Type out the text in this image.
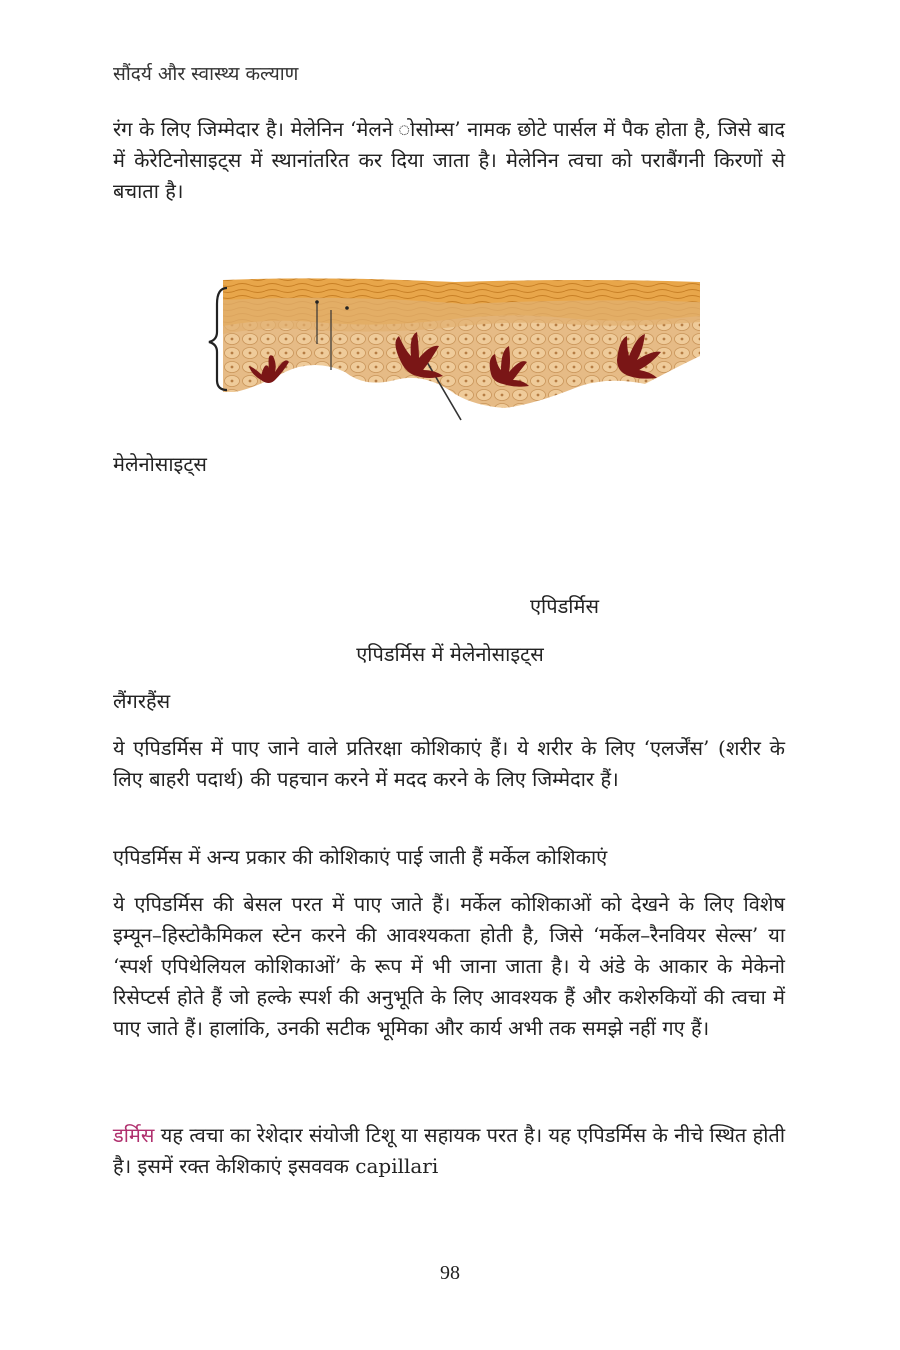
सौंदर्य और स्वास्थ्य कल्याण

रंग के लिए जिम्मेदार है। मेलेनिन ‘मेलने ोसोम्स’ नामक छोटे पार्सल में पैक होता है, जिसे बाद में केरेटिनोसाइट्स में स्थानांतरित कर दिया जाता है। मेलेनिन त्वचा को पराबैंगनी किरणों से बचाता है।

मेलेनोसाइट्स
एपिडर्मिस
एपिडर्मिस में मेलेनोसाइट्स
लैंगरहैंस

ये एपिडर्मिस में पाए जाने वाले प्रतिरक्षा कोशिकाएं हैं। ये शरीर के लिए ‘एलर्जेंस’ (शरीर के लिए बाहरी पदार्थ) की पहचान करने में मदद करने के लिए जिम्मेदार हैं।

एपिडर्मिस में अन्य प्रकार की कोशिकाएं पाई जाती हैं मर्केल कोशिकाएं

ये एपिडर्मिस की बेसल परत में पाए जाते हैं। मर्केल कोशिकाओं को देखने के लिए विशेष इम्यून–हिस्टोकैमिकल स्टेन करने की आवश्यकता होती है, जिसे ‘मर्केल–रैनवियर सेल्स’ या ‘स्पर्श एपिथेलियल कोशिकाओं’ के रूप में भी जाना जाता है। ये अंडे के आकार के मेकेनो रिसेप्टर्स होते हैं जो हल्के स्पर्श की अनुभूति के लिए आवश्यक हैं और कशेरुकियों की त्वचा में पाए जाते हैं। हालांकि, उनकी सटीक भूमिका और कार्य अभी तक समझे नहीं गए हैं।

डर्मिस यह त्वचा का रेशेदार संयोजी टिशू या सहायक परत है। यह एपिडर्मिस के नीचे स्थित होती है। इसमें रक्त केशिकाएं इसववक capillari

98
